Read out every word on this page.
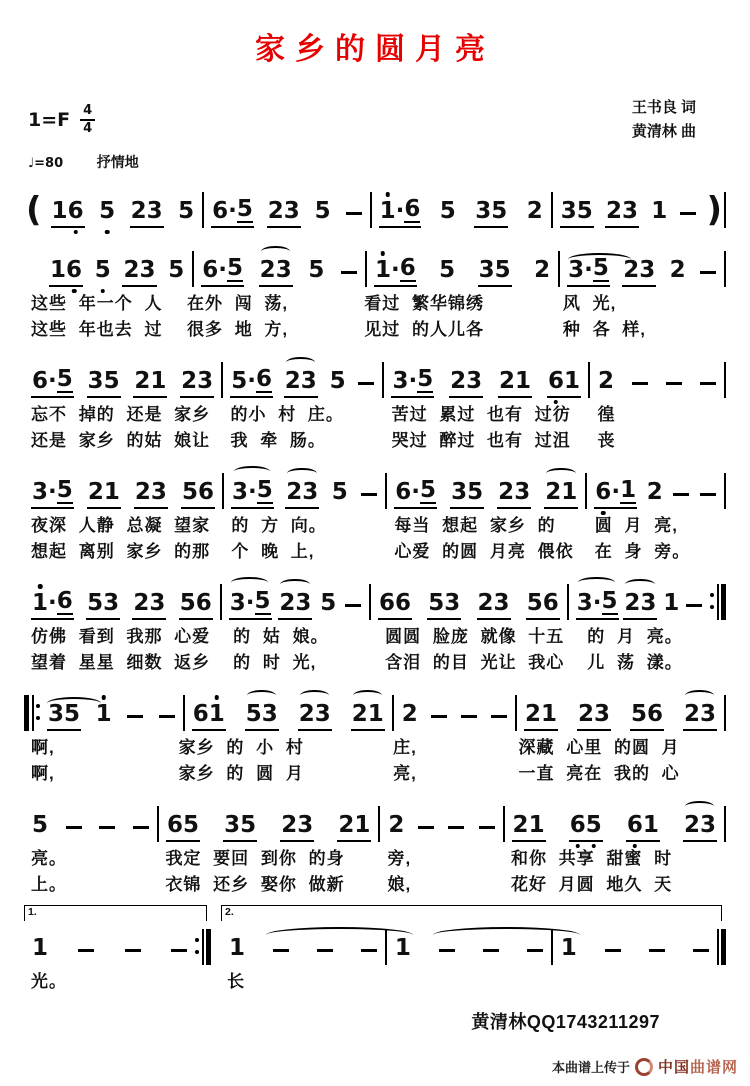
家乡的圆月亮
$1=F \frac{4}{4}$	王书良 词
黄清林 曲
♩=80 抒情地
( 1 6 5 2 3 5 6 · 5 2 3 5 1 · 6 5 3 5 2 3 5 2 3 1 )
1 6 5 2 3 5 6 · 5 2 3 5 1 · 6 5 3 5 2 3 · 5 2 3 2
这些 年一个 人	在外 闯 荡,	看过 繁华锦绣	风 光,
这些 年也去 过	很多 地 方,	见过 的人儿各	种 各 样,
6 · 5 3 5 2 1 2 3 5 · 6 2 3 5 3 · 5 2 3 2 1 6 1 2
忘不 掉的 还是 家乡	的小 村 庄。	苦过 累过 也有 过彷	徨
还是 家乡 的姑 娘让	我 牵 肠。	哭过 醉过 也有 过沮	丧
3 · 5 2 1 2 3 5 6 3 · 5 2 3 5 6 · 5 3 5 2 3 2 1 6 · 1 2
夜深 人静 总凝 望家	的 方 向。	每当 想起 家乡 的	圆 月 亮,
想起 离别 家乡 的那	个 晚 上,	心爱 的圆 月亮 偎依	在 身 旁。
1 · 6 5 3 2 3 5 6 3 · 5 2 3 5 6 6 5 3 2 3 5 6 3 · 5 2 3 1
仿佛 看到 我那 心爱	的 姑 娘。	圆圆 脸庞 就像 十五	的 月 亮。
望着 星星 细数 返乡	的 时 光,	含泪 的目 光让 我心	儿 荡 漾。
3 5 1	6 1 5 3 2 3 2 1 2	2 1 2 3 5 6 2 3
啊,	家乡 的 小 村	庄,	深藏 心里 的圆 月
啊,	家乡 的 圆 月	亮,	一直 亮在 我的 心
5	6 5 3 5 2 3 2 1 2	2 1 6 5 6 1 2 3
亮。	我定 要回 到你 的身	旁,	和你 共享 甜蜜 时
上。	衣锦 还乡 娶你 做新	娘,	花好 月圆 地久 天
1.
1
2.
1	1	1
光。	长
黄清林QQ1743211297
本曲谱上传于 中国曲谱网
